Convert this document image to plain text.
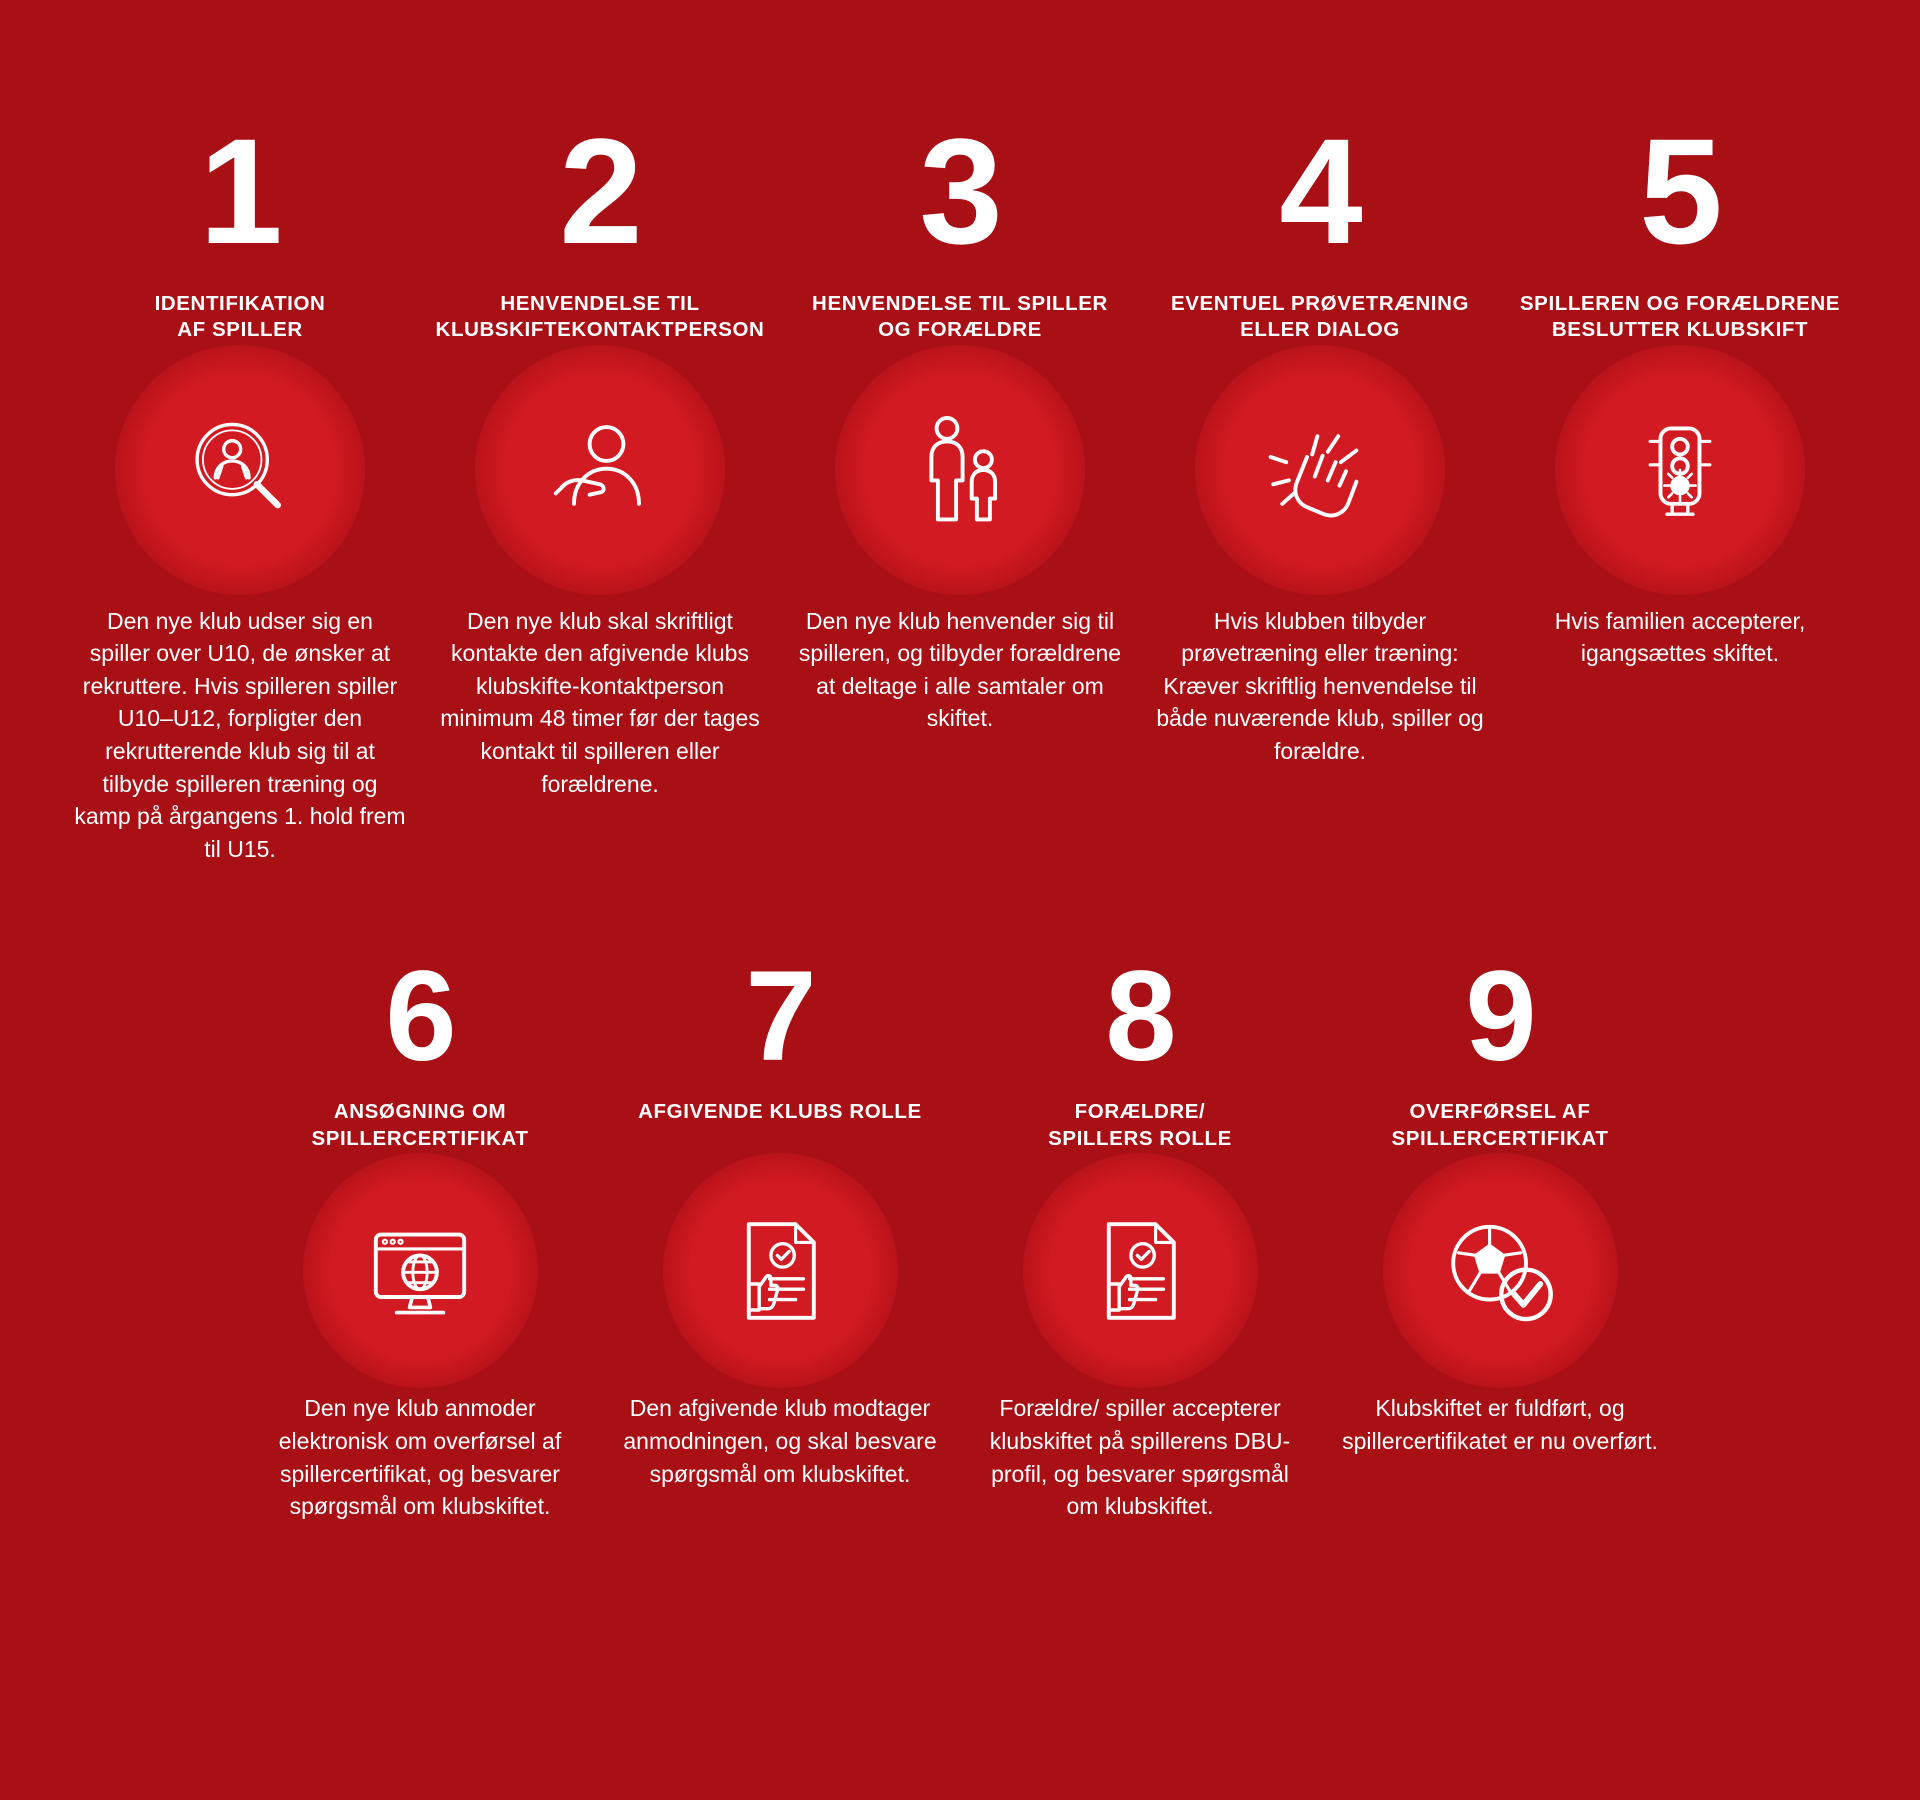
1
IDENTIFIKATION
AF SPILLER
Den nye klub udser sig en spiller over U10, de ønsker at rekruttere. Hvis spilleren spiller U10–U12, forpligter den rekrutterende klub sig til at tilbyde spilleren træning og kamp på årgangens 1. hold frem til U15.
2
HENVENDELSE TIL
KLUBSKIFTEKONTAKTPERSON
Den nye klub skal skriftligt kontakte den afgivende klubs klubskifte-kontaktperson minimum 48 timer før der tages kontakt til spilleren eller forældrene.
3
HENVENDELSE TIL SPILLER
OG FORÆLDRE
Den nye klub henvender sig til spilleren, og tilbyder forældrene at deltage i alle samtaler om skiftet.
4
EVENTUEL PRØVETRÆNING
ELLER DIALOG
Hvis klubben tilbyder prøvetræning eller træning: Kræver skriftlig henvendelse til både nuværende klub, spiller og forældre.
5
SPILLEREN OG FORÆLDRENE
BESLUTTER KLUBSKIFT
Hvis familien accepterer, igangsættes skiftet.
6
ANSØGNING OM
SPILLERCERTIFIKAT
Den nye klub anmoder elektronisk om overførsel af spillercertifikat, og besvarer spørgsmål om klubskiftet.
7
AFGIVENDE KLUBS ROLLE
Den afgivende klub modtager anmodningen, og skal besvare spørgsmål om klubskiftet.
8
FORÆLDRE/
SPILLERS ROLLE
Forældre/ spiller accepterer klubskiftet på spillerens DBU-profil, og besvarer spørgsmål om klubskiftet.
9
OVERFØRSEL AF
SPILLERCERTIFIKAT
Klubskiftet er fuldført, og spillercertifikatet er nu overført.
